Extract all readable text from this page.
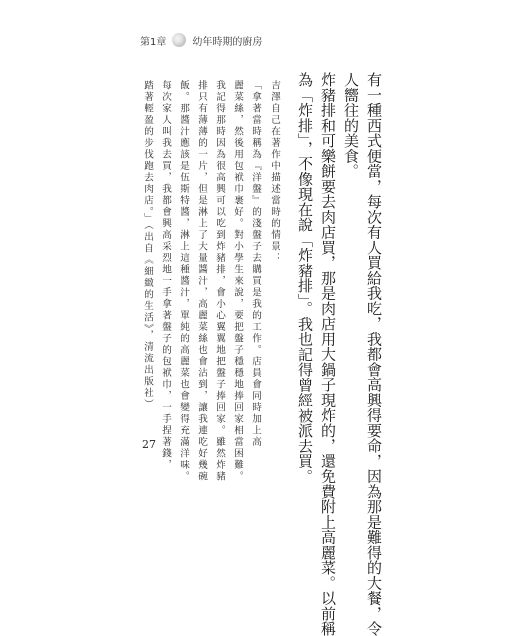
第1章	幼年時期的廚房
有一種西式便當，每次有人買給我吃，我都會高興得要命，因為那是難得的大餐，令
人嚮往的美食。
炸豬排和可樂餅要去肉店買，那是肉店用大鍋子現炸的，還免費附上高麗菜。以前稱
為「炸排」，不像現在說「炸豬排」。我也記得曾經被派去買。
吉澤自己在著作中描述當時的情景：
「拿著當時稱為『洋盤』的淺盤子去購買是我的工作。店員會同時加上高
麗菜絲，然後用包袱巾裹好。對小學生來說，要把盤子穩穩地捧回家相當困難。
我記得那時因為很高興可以吃到炸豬排，會小心翼翼地把盤子捧回家。雖然炸豬
排只有薄薄的一片，但是淋上了大量醬汁，高麗菜絲也會沾到，讓我連吃好幾碗
飯。那醬汁應該是伍斯特醬，淋上這種醬汁，單純的高麗菜也會變得充滿洋味。
每次家人叫我去買，我都會興高采烈地一手拿著盤子的包袱巾，一手捏著錢，
踏著輕盈的步伐跑去肉店。」（出自《細緻的生活》，清流出版社）
27
